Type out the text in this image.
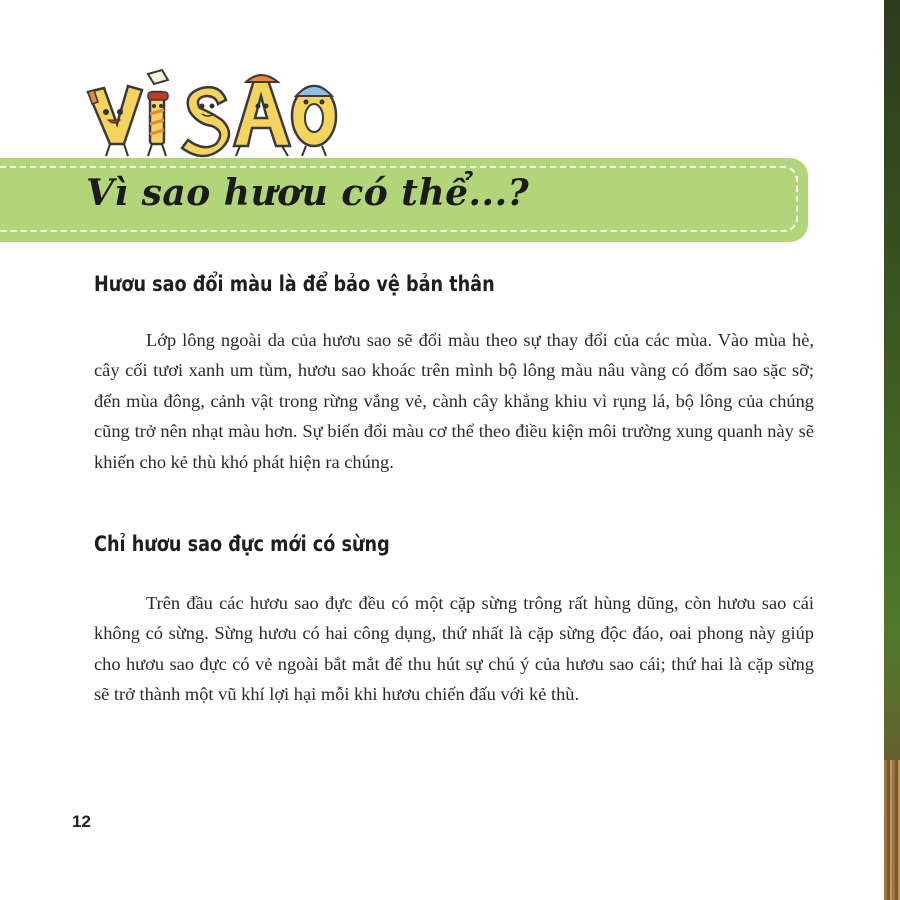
Vì sao hươu có thể...?
Hươu sao đổi màu là để bảo vệ bản thân

Lớp lông ngoài da của hươu sao sẽ đổi màu theo sự thay đổi của các mùa. Vào mùa hè, cây cối tươi xanh um tùm, hươu sao khoác trên mình bộ lông màu nâu vàng có đốm sao sặc sỡ; đến mùa đông, cảnh vật trong rừng vắng vẻ, cành cây khẳng khiu vì rụng lá, bộ lông của chúng cũng trở nên nhạt màu hơn. Sự biến đổi màu cơ thể theo điều kiện môi trường xung quanh này sẽ khiến cho kẻ thù khó phát hiện ra chúng.

Chỉ hươu sao đực mới có sừng

Trên đầu các hươu sao đực đều có một cặp sừng trông rất hùng dũng, còn hươu sao cái không có sừng. Sừng hươu có hai công dụng, thứ nhất là cặp sừng độc đáo, oai phong này giúp cho hươu sao đực có vẻ ngoài bắt mắt để thu hút sự chú ý của hươu sao cái; thứ hai là cặp sừng sẽ trở thành một vũ khí lợi hại mỗi khi hươu chiến đấu với kẻ thù.

12
